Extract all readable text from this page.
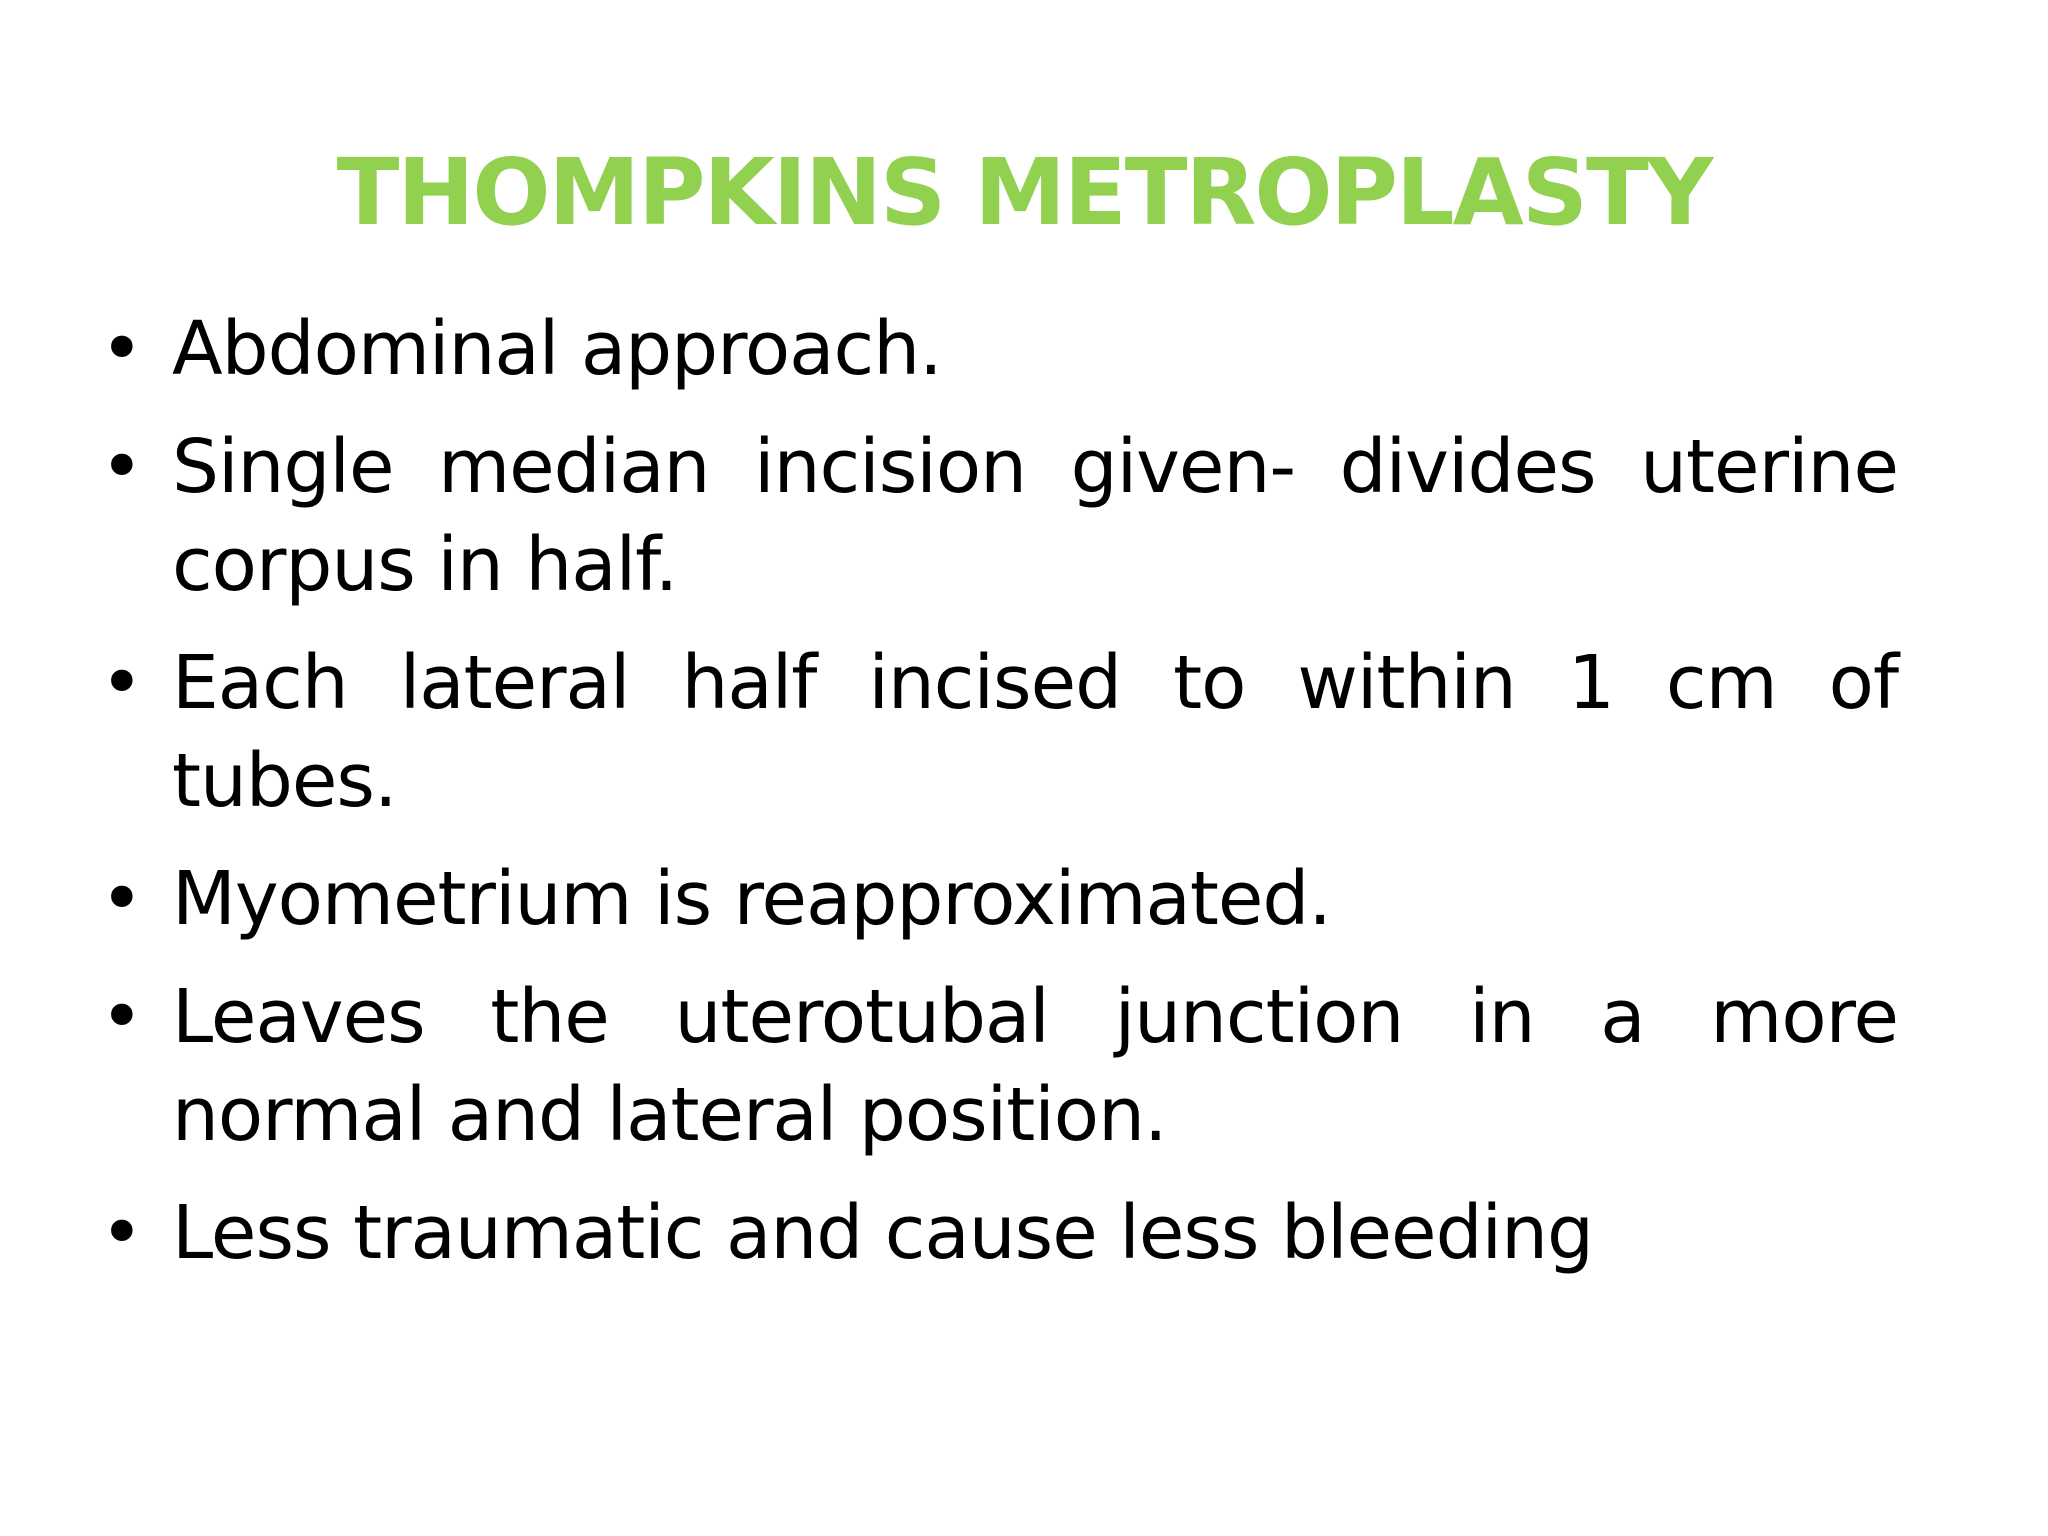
THOMPKINS METROPLASTY
• Abdominal approach.
• Single median incision given- divides uterine corpus in half.
• Each lateral half incised to within 1 cm of tubes.
• Myometrium is reapproximated.
• Leaves the uterotubal junction in a more normal and lateral position.
• Less traumatic and cause less bleeding
